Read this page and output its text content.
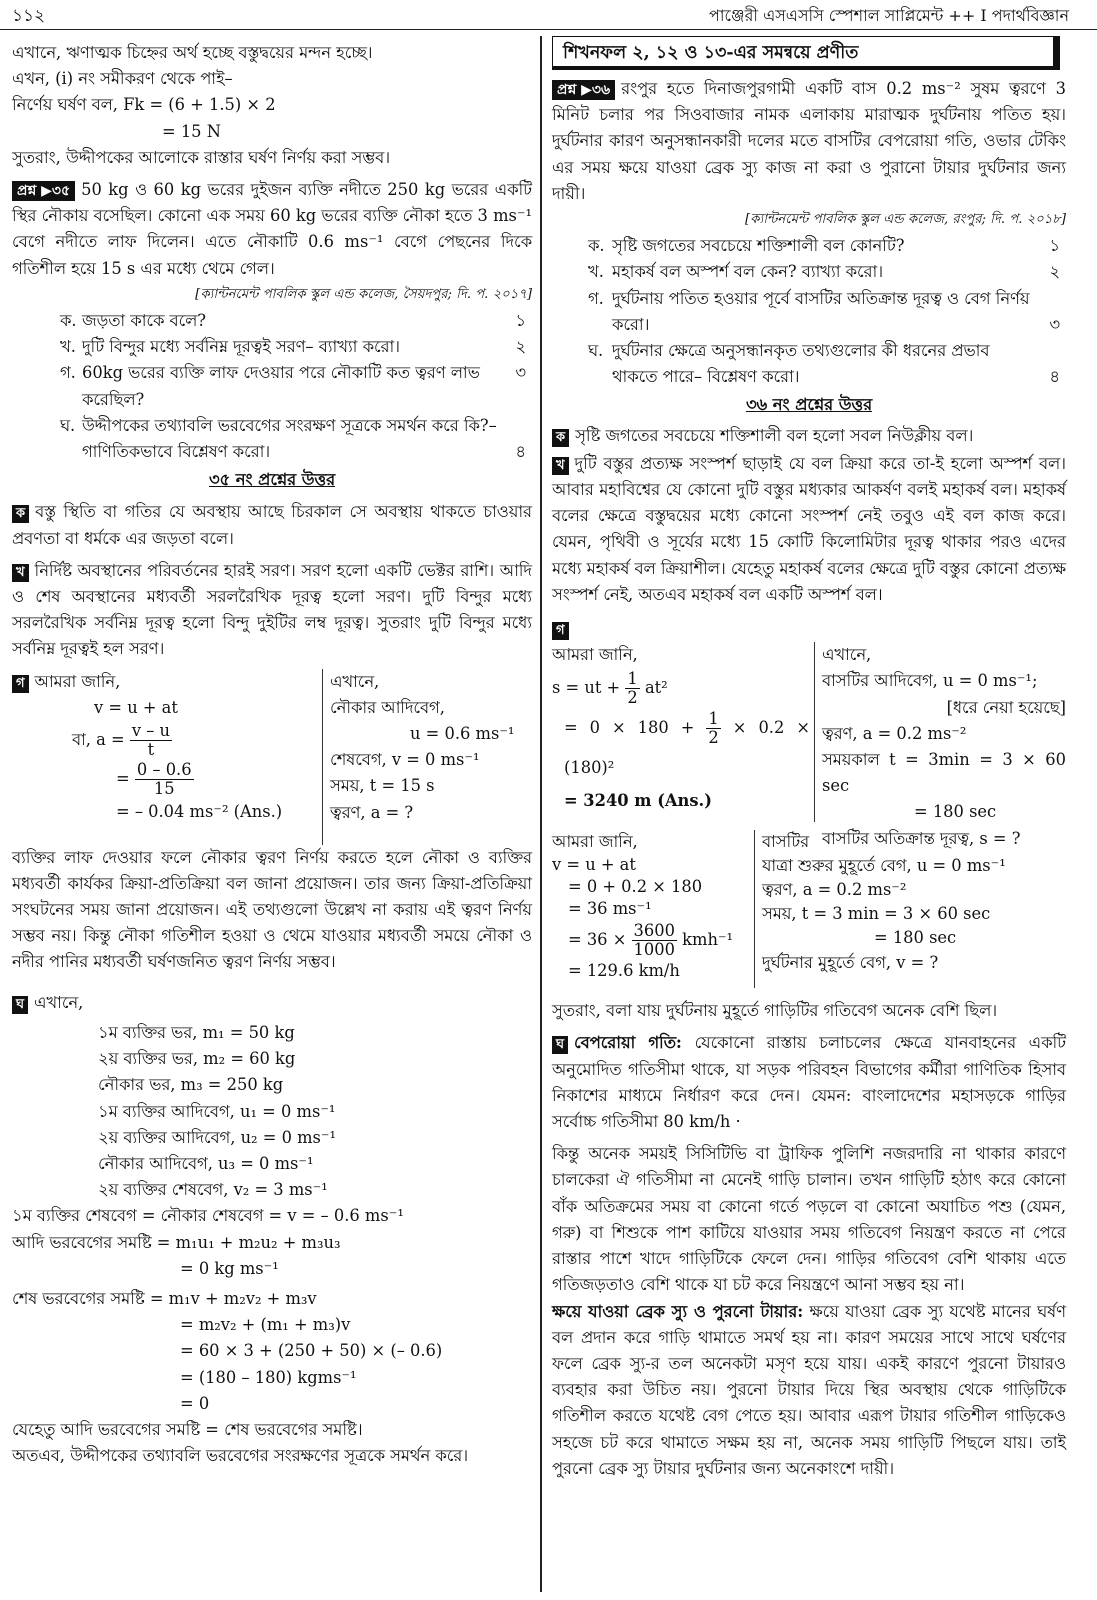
১১২	পাঞ্জেরী এসএসসি স্পেশাল সাপ্লিমেন্ট ++ I পদার্থবিজ্ঞান

এখানে, ঋণাত্মক চিহ্নের অর্থ হচ্ছে বস্তুদ্বয়ের মন্দন হচ্ছে।

এখন, (i) নং সমীকরণ থেকে পাই–

নির্ণেয় ঘর্ষণ বল, Fk = (6 + 1.5) × 2

= 15 N

সুতরাং, উদ্দীপকের আলোকে রাস্তার ঘর্ষণ নির্ণয় করা সম্ভব।

প্রশ্ন ▶৩৫ 50 kg ও 60 kg ভরের দুইজন ব্যক্তি নদীতে 250 kg ভরের একটি স্থির নৌকায় বসেছিল। কোনো এক সময় 60 kg ভরের ব্যক্তি নৌকা হতে 3 ms⁻¹ বেগে নদীতে লাফ দিলেন। এতে নৌকাটি 0.6 ms⁻¹ বেগে পেছনের দিকে গতিশীল হয়ে 15 s এর মধ্যে থেমে গেল।

[ক্যান্টনমেন্ট পাবলিক স্কুল এন্ড কলেজ, সৈয়দপুর; দি. প. ২০১৭]

ক. জড়তা কাকে বলে?	১
খ. দুটি বিন্দুর মধ্যে সর্বনিম্ন দূরত্বই সরণ– ব্যাখ্যা করো।	২
গ. 60kg ভরের ব্যক্তি লাফ দেওয়ার পরে নৌকাটি কত ত্বরণ লাভ করেছিল?
৩
ঘ. উদ্দীপকের তথ্যাবলি ভরবেগের সংরক্ষণ সূত্রকে সমর্থন করে কি?– গাণিতিকভাবে বিশ্লেষণ করো।	৪

৩৫ নং প্রশ্নের উত্তর

ক বস্তু স্থিতি বা গতির যে অবস্থায় আছে চিরকাল সে অবস্থায় থাকতে চাওয়ার প্রবণতা বা ধর্মকে এর জড়তা বলে।

খ নির্দিষ্ট অবস্থানের পরিবর্তনের হারই সরণ। সরণ হলো একটি ভেক্টর রাশি। আদি ও শেষ অবস্থানের মধ্যবর্তী সরলরৈখিক দূরত্ব হলো সরণ। দুটি বিন্দুর মধ্যে সরলরৈখিক সর্বনিম্ন দূরত্ব হলো বিন্দু দুইটির লম্ব দূরত্ব। সুতরাং দুটি বিন্দুর মধ্যে সর্বনিম্ন দূরত্বই হল সরণ।

গ আমরা জানি,

v = u + at

বা, $a = \frac{v - u}{t}$

= $\frac{0 - 0.6}{15}$

= – 0.04 ms⁻² (Ans.)

এখানে,

নৌকার আদিবেগ,

u = 0.6 ms⁻¹

শেষবেগ, v = 0 ms⁻¹

সময়, t = 15 s

ত্বরণ, a = ?

ব্যক্তির লাফ দেওয়ার ফলে নৌকার ত্বরণ নির্ণয় করতে হলে নৌকা ও ব্যক্তির মধ্যবর্তী কার্যকর ক্রিয়া-প্রতিক্রিয়া বল জানা প্রয়োজন। তার জন্য ক্রিয়া-প্রতিক্রিয়া সংঘটনের সময় জানা প্রয়োজন। এই তথ্যগুলো উল্লেখ না করায় এই ত্বরণ নির্ণয় সম্ভব নয়। কিন্তু নৌকা গতিশীল হওয়া ও থেমে যাওয়ার মধ্যবর্তী সময়ে নৌকা ও নদীর পানির মধ্যবর্তী ঘর্ষণজনিত ত্বরণ নির্ণয় সম্ভব।

ঘ এখানে,

১ম ব্যক্তির ভর, m₁ = 50 kg

২য় ব্যক্তির ভর, m₂ = 60 kg

নৌকার ভর, m₃ = 250 kg

১ম ব্যক্তির আদিবেগ, u₁ = 0 ms⁻¹

২য় ব্যক্তির আদিবেগ, u₂ = 0 ms⁻¹

নৌকার আদিবেগ, u₃ = 0 ms⁻¹

২য় ব্যক্তির শেষবেগ, v₂ = 3 ms⁻¹

১ম ব্যক্তির শেষবেগ = নৌকার শেষবেগ = v = – 0.6 ms⁻¹

আদি ভরবেগের সমষ্টি = m₁u₁ + m₂u₂ + m₃u₃

= 0 kg ms⁻¹

শেষ ভরবেগের সমষ্টি = m₁v + m₂v₂ + m₃v

= m₂v₂ + (m₁ + m₃)v

= 60 × 3 + (250 + 50) × (– 0.6)

= (180 – 180) kgms⁻¹

= 0

যেহেতু আদি ভরবেগের সমষ্টি = শেষ ভরবেগের সমষ্টি।

অতএব, উদ্দীপকের তথ্যাবলি ভরবেগের সংরক্ষণের সূত্রকে সমর্থন করে।

শিখনফল ২, ১২ ও ১৩-এর সমন্বয়ে প্রণীত

প্রশ্ন ▶৩৬ রংপুর হতে দিনাজপুরগামী একটি বাস 0.2 ms⁻² সুষম ত্বরণে 3 মিনিট চলার পর সিওবাজার নামক এলাকায় মারাত্মক দুর্ঘটনায় পতিত হয়। দুর্ঘটনার কারণ অনুসন্ধানকারী দলের মতে বাসটির বেপরোয়া গতি, ওভার টেকিং এর সময় ক্ষয়ে যাওয়া ব্রেক স্যু কাজ না করা ও পুরানো টায়ার দুর্ঘটনার জন্য দায়ী।

[ক্যান্টনমেন্ট পাবলিক স্কুল এন্ড কলেজ, রংপুর; দি. প. ২০১৮]

ক. সৃষ্টি জগতের সবচেয়ে শক্তিশালী বল কোনটি?	১
খ. মহাকর্ষ বল অস্পর্শ বল কেন? ব্যাখ্যা করো।	২
গ. দুর্ঘটনায় পতিত হওয়ার পূর্বে বাসটির অতিক্রান্ত দূরত্ব ও বেগ নির্ণয় করো।	৩
ঘ. দুর্ঘটনার ক্ষেত্রে অনুসন্ধানকৃত তথ্যগুলোর কী ধরনের প্রভাব থাকতে পারে– বিশ্লেষণ করো।	৪

৩৬ নং প্রশ্নের উত্তর

ক সৃষ্টি জগতের সবচেয়ে শক্তিশালী বল হলো সবল নিউক্লীয় বল।

খ দুটি বস্তুর প্রত্যক্ষ সংস্পর্শ ছাড়াই যে বল ক্রিয়া করে তা-ই হলো অস্পর্শ বল। আবার মহাবিশ্বের যে কোনো দুটি বস্তুর মধ্যকার আকর্ষণ বলই মহাকর্ষ বল। মহাকর্ষ বলের ক্ষেত্রে বস্তুদ্বয়ের মধ্যে কোনো সংস্পর্শ নেই তবুও এই বল কাজ করে। যেমন, পৃথিবী ও সূর্যের মধ্যে 15 কোটি কিলোমিটার দূরত্ব থাকার পরও এদের মধ্যে মহাকর্ষ বল ক্রিয়াশীল। যেহেতু মহাকর্ষ বলের ক্ষেত্রে দুটি বস্তুর কোনো প্রত্যক্ষ সংস্পর্শ নেই, অতএব মহাকর্ষ বল একটি অস্পর্শ বল।

গ

আমরা জানি,

s = ut + $\frac{1}{2} at^2$

= $0 \times 180 + \frac{1}{2} \times 0.2 \times (180)^2$

= 3240 m (Ans.)

এখানে,

বাসটির আদিবেগ, u = 0 ms⁻¹;

[ধরে নেয়া হয়েছে]

ত্বরণ, a = 0.2 ms⁻²

সময়কাল t = 3min = 3 × 60 sec

= 180 sec

বাসটির অতিক্রান্ত দূরত্ব, s = ?

আমরা জানি,

v = u + at

= 0 + 0.2 × 180

= 36 ms⁻¹

= $36 \times \frac{3600}{1000} kmh^{-1}$

= 129.6 km/h

বাসটির

যাত্রা শুরুর মুহূর্তে বেগ, u = 0 ms⁻¹

ত্বরণ, a = 0.2 ms⁻²

সময়, t = 3 min = 3 × 60 sec

= 180 sec

দুর্ঘটনার মুহূর্তে বেগ, v = ?

সুতরাং, বলা যায় দুর্ঘটনায় মুহূর্তে গাড়িটির গতিবেগ অনেক বেশি ছিল।

ঘ বেপরোয়া গতি: যেকোনো রাস্তায় চলাচলের ক্ষেত্রে যানবাহনের একটি অনুমোদিত গতিসীমা থাকে, যা সড়ক পরিবহন বিভাগের কর্মীরা গাণিতিক হিসাব নিকাশের মাধ্যমে নির্ধারণ করে দেন। যেমন: বাংলাদেশের মহাসড়কে গাড়ির সর্বোচ্চ গতিসীমা 80 km/h ·

কিন্তু অনেক সময়ই সিসিটিভি বা ট্রাফিক পুলিশি নজরদারি না থাকার কারণে চালকেরা ঐ গতিসীমা না মেনেই গাড়ি চালান। তখন গাড়িটি হঠাৎ করে কোনো বাঁক অতিক্রমের সময় বা কোনো গর্তে পড়লে বা কোনো অযাচিত পশু (যেমন, গরু) বা শিশুকে পাশ কাটিয়ে যাওয়ার সময় গতিবেগ নিয়ন্ত্রণ করতে না পেরে রাস্তার পাশে খাদে গাড়িটিকে ফেলে দেন। গাড়ির গতিবেগ বেশি থাকায় এতে গতিজড়তাও বেশি থাকে যা চট করে নিয়ন্ত্রণে আনা সম্ভব হয় না।

ক্ষয়ে যাওয়া ব্রেক স্যু ও পুরনো টায়ার: ক্ষয়ে যাওয়া ব্রেক স্যু যথেষ্ট মানের ঘর্ষণ বল প্রদান করে গাড়ি থামাতে সমর্থ হয় না। কারণ সময়ের সাথে সাথে ঘর্ষণের ফলে ব্রেক স্যু-র তল অনেকটা মসৃণ হয়ে যায়। একই কারণে পুরনো টায়ারও ব্যবহার করা উচিত নয়। পুরনো টায়ার দিয়ে স্থির অবস্থায় থেকে গাড়িটিকে গতিশীল করতে যথেষ্ট বেগ পেতে হয়। আবার এরূপ টায়ার গতিশীল গাড়িকেও সহজে চট করে থামাতে সক্ষম হয় না, অনেক সময় গাড়িটি পিছলে যায়। তাই পুরনো ব্রেক স্যু টায়ার দুর্ঘটনার জন্য অনেকাংশে দায়ী।
